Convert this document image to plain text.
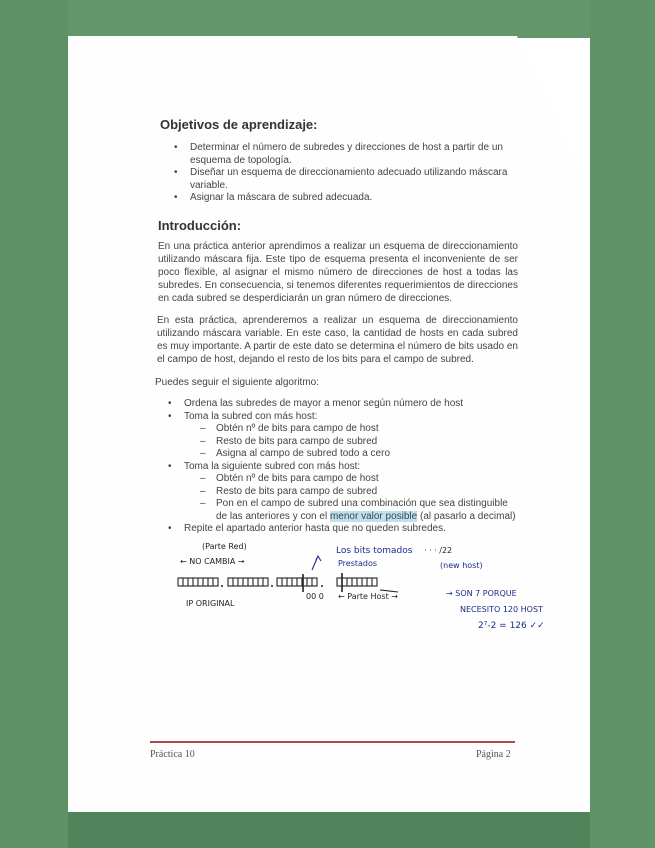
Objetivos de aprendizaje:
• Determinar el número de subredes y direcciones de host a partir de un esquema de topología.
• Diseñar un esquema de direccionamiento adecuado utilizando máscara variable.
• Asignar la máscara de subred adecuada.
Introducción:

En una práctica anterior aprendimos a realizar un esquema de direccionamiento utilizando máscara fija. Este tipo de esquema presenta el inconveniente de ser poco flexible, al asignar el mismo número de direcciones de host a todas las subredes. En consecuencia, si tenemos diferentes requerimientos de direcciones en cada subred se desperdiciarán un gran número de direcciones.

En esta práctica, aprenderemos a realizar un esquema de direccionamiento utilizando máscara variable. En este caso, la cantidad de hosts en cada subred es muy importante. A partir de este dato se determina el número de bits usado en el campo de host, dejando el resto de los bits para el campo de subred.

Puedes seguir el siguiente algoritmo:

• Ordena las subredes de mayor a menor según número de host
• Toma la subred con más host:
– Obtén nº de bits para campo de host
– Resto de bits para campo de subred
– Asigna al campo de subred todo a cero
• Toma la siguiente subred con más host:
– Obtén nº de bits para campo de host
– Resto de bits para campo de subred
– Pon en el campo de subred una combinación que sea distinguible de las anteriores y con el menor valor posible (al pasarlo a decimal)
• Repite el apartado anterior hasta que no queden subredes.
(Parte Red)
← NO CAMBIA →
IP ORIGINAL
Los bits tomados
Prestados
· · · /22
(new host)
00 0 ← Parte Host →	→ SON 7 PORQUE
NECESITO 120 HOST
2⁷-2 = 126 ✓✓
Práctica 10	Página 2
